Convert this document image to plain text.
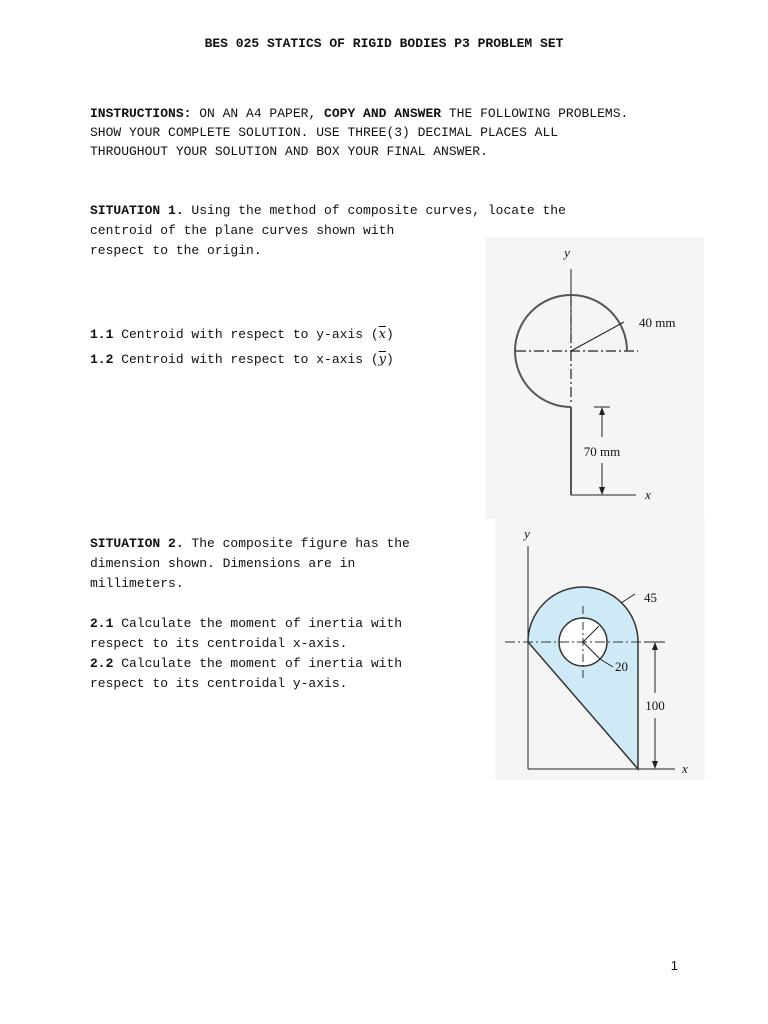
BES 025 STATICS OF RIGID BODIES P3 PROBLEM SET
INSTRUCTIONS: ON AN A4 PAPER, COPY AND ANSWER THE FOLLOWING PROBLEMS.
SHOW YOUR COMPLETE SOLUTION. USE THREE(3) DECIMAL PLACES ALL
THROUGHOUT YOUR SOLUTION AND BOX YOUR FINAL ANSWER.
SITUATION 1. Using the method of composite curves, locate the
centroid of the plane curves shown with
respect to the origin.
1.1 Centroid with respect to y-axis $(\overline{x})$
1.2 Centroid with respect to x-axis $(\overline{y})$
y
x
40 mm
70 mm
SITUATION 2. The composite figure has the
dimension shown. Dimensions are in
millimeters.
2.1 Calculate the moment of inertia with
respect to its centroidal x-axis.
2.2 Calculate the moment of inertia with
respect to its centroidal y-axis.
y
x
45
20
100
1
